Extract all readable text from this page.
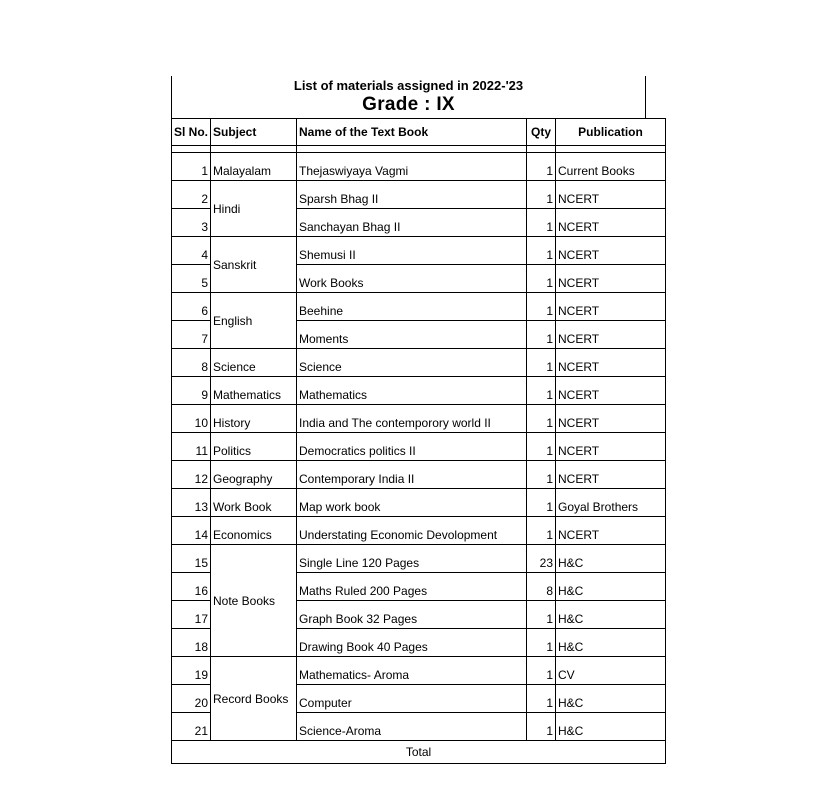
List of materials assigned in 2022-'23
Grade : IX
Sl No.	Subject	Name of the Text Book	Qty	Publication

1	Malayalam	Thejaswiyaya Vagmi	1	Current Books
2	Hindi	Sparsh Bhag II	1	NCERT
3		Sanchayan Bhag II	1	NCERT
4	Sanskrit	Shemusi II	1	NCERT
5		Work Books	1	NCERT
6	English	Beehine	1	NCERT
7		Moments	1	NCERT
8	Science	Science	1	NCERT
9	Mathematics	Mathematics	1	NCERT
10	History	India and The contemporory world II	1	NCERT
11	Politics	Democratics politics II	1	NCERT
12	Geography	Contemporary India II	1	NCERT
13	Work Book	Map work book	1	Goyal Brothers
14	Economics	Understating Economic Devolopment	1	NCERT
15	Note Books	Single Line 120 Pages	23	H&C
16		Maths Ruled 200 Pages	8	H&C
17		Graph Book 32 Pages	1	H&C
18		Drawing Book 40 Pages	1	H&C
19	Record Books	Mathematics- Aroma	1	CV
20		Computer	1	H&C
21		Science-Aroma	1	H&C
Total				
